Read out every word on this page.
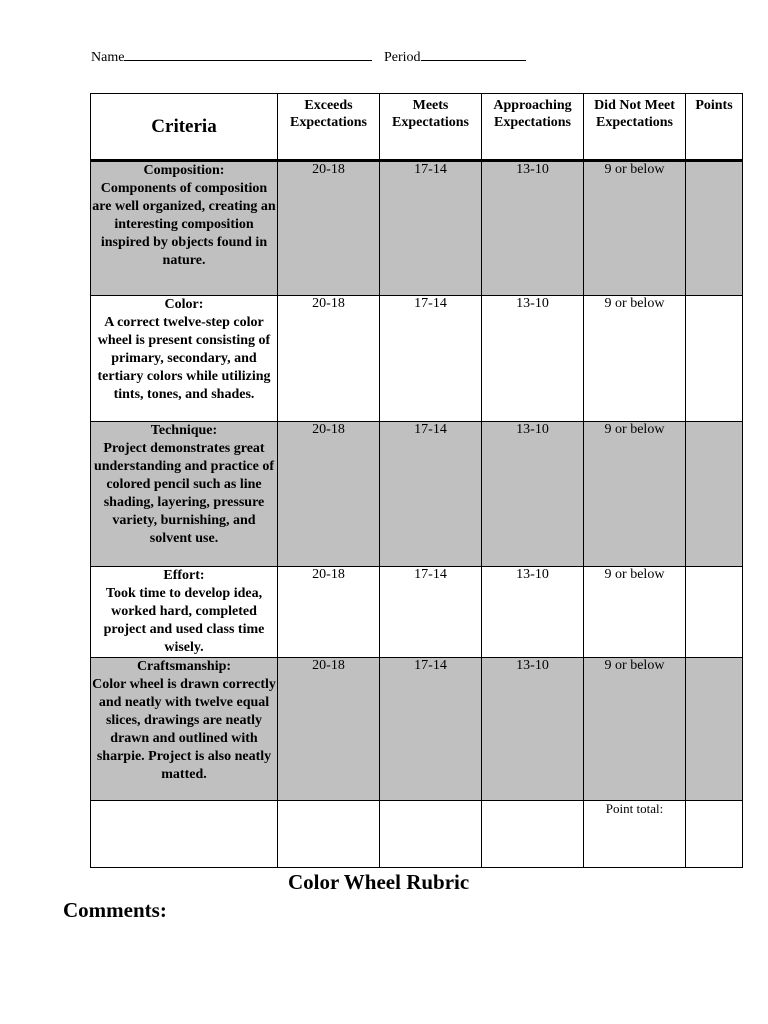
Name	Period
Criteria	Exceeds Expectations	Meets Expectations	Approaching Expectations	Did Not Meet Expectations	Points

Composition:
Components of composition are well organized, creating an interesting composition inspired by objects found in nature.	20-18	17-14	13-10	9 or below	

Color:
A correct twelve-step color wheel is present consisting of primary, secondary, and tertiary colors while utilizing tints, tones, and shades.	20-18	17-14	13-10	9 or below	

Technique:
Project demonstrates great understanding and practice of colored pencil such as line shading, layering, pressure variety, burnishing, and solvent use.	20-18	17-14	13-10	9 or below	

Effort:
Took time to develop idea, worked hard, completed project and used class time wisely.	20-18	17-14	13-10	9 or below	

Craftsmanship:
Color wheel is drawn correctly and neatly with twelve equal slices, drawings are neatly drawn and outlined with sharpie. Project is also neatly matted.	20-18	17-14	13-10	9 or below	
				Point total:	
Color Wheel Rubric
Comments:
